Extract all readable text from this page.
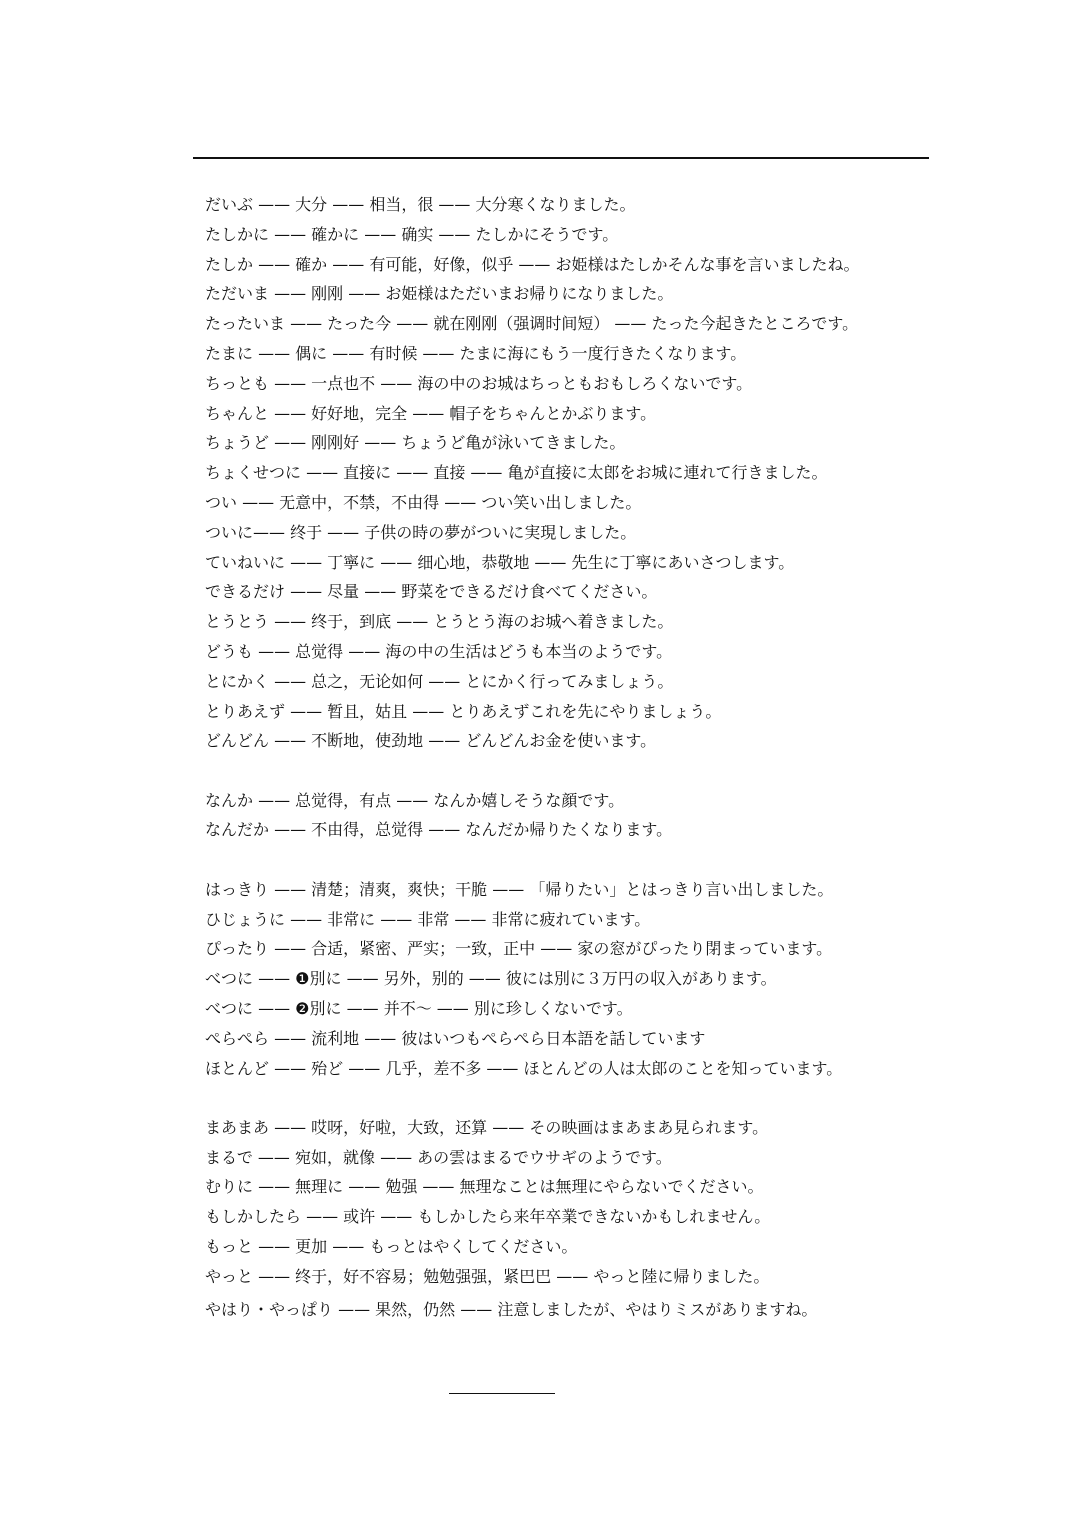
だいぶ —— 大分 —— 相当，很 —— 大分寒くなりました。
たしかに —— 確かに —— 确实 —— たしかにそうです。
たしか —— 確か —— 有可能，好像，似乎 —— お姫様はたしかそんな事を言いましたね。
ただいま —— 刚刚 —— お姫様はただいまお帰りになりました。
たったいま —— たった今 —— 就在刚刚（强调时间短） —— たった今起きたところです。
たまに —— 偶に —— 有时候 —— たまに海にもう一度行きたくなります。
ちっとも —— 一点也不 —— 海の中のお城はちっともおもしろくないです。
ちゃんと —— 好好地，完全 —— 帽子をちゃんとかぶります。
ちょうど —— 刚刚好 —— ちょうど亀が泳いてきました。
ちょくせつに —— 直接に —— 直接 —— 亀が直接に太郎をお城に連れて行きました。
つい —— 无意中，不禁，不由得 —— つい笑い出しました。
ついに—— 终于 —— 子供の時の夢がついに実現しました。
ていねいに —— 丁寧に —— 细心地，恭敬地 —— 先生に丁寧にあいさつします。
できるだけ —— 尽量 —— 野菜をできるだけ食べてください。
とうとう —— 终于，到底 —— とうとう海のお城へ着きました。
どうも —— 总觉得 —— 海の中の生活はどうも本当のようです。
とにかく —— 总之，无论如何 —— とにかく行ってみましょう。
とりあえず —— 暂且，姑且 —— とりあえずこれを先にやりましょう。
どんどん —— 不断地，使劲地 —— どんどんお金を使います。
なんか —— 总觉得，有点 —— なんか嬉しそうな顔です。
なんだか —— 不由得，总觉得 —— なんだか帰りたくなります。
はっきり —— 清楚；清爽，爽快；干脆 —— 「帰りたい」とはっきり言い出しました。
ひじょうに —— 非常に —— 非常 —— 非常に疲れています。
ぴったり —— 合适，紧密、严实；一致，正中 —— 家の窓がぴったり閉まっています。
べつに —— ❶別に —— 另外，别的 —— 彼には別に３万円の収入があります。
べつに —— ❷別に —— 并不～ —— 別に珍しくないです。
ぺらぺら —— 流利地 —— 彼はいつもぺらぺら日本語を話しています
ほとんど —— 殆ど —— 几乎，差不多 —— ほとんどの人は太郎のことを知っています。
まあまあ —— 哎呀，好啦，大致，还算 —— その映画はまあまあ見られます。
まるで —— 宛如，就像 —— あの雲はまるでウサギのようです。
むりに —— 無理に —— 勉强 —— 無理なことは無理にやらないでください。
もしかしたら —— 或许 —— もしかしたら来年卒業できないかもしれません。
もっと —— 更加 —— もっとはやくしてください。
やっと —— 终于，好不容易；勉勉强强，紧巴巴 —— やっと陸に帰りました。
やはり・やっぱり —— 果然，仍然 —— 注意しましたが、やはりミスがありますね。
